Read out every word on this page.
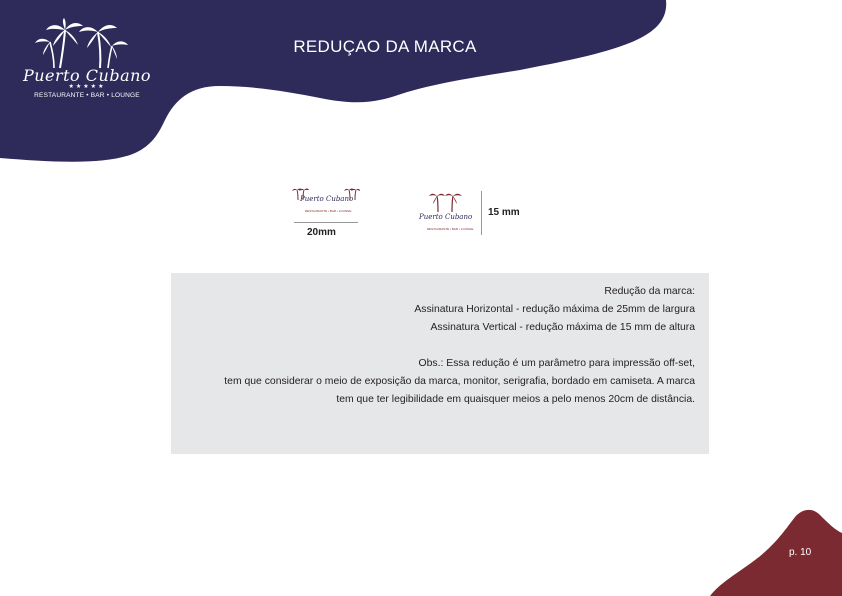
Puerto Cubano
★★★★★
RESTAURANTE • BAR • LOUNGE
REDUÇAO DA MARCA
Puerto Cubano
RESTAURANTE • BAR • LOUNGE
20mm
Puerto Cubano
RESTAURANTE • BAR • LOUNGE
15 mm
Redução da marca:
Assinatura Horizontal - redução máxima de 25mm de largura
Assinatura Vertical - redução máxima de 15 mm de altura
Obs.: Essa redução é um parâmetro para impressão off-set,
tem que considerar o meio de exposição da marca, monitor, serigrafia, bordado em camiseta. A marca
tem que ter legibilidade em quaisquer meios a pelo menos 20cm de distância.
p. 10
